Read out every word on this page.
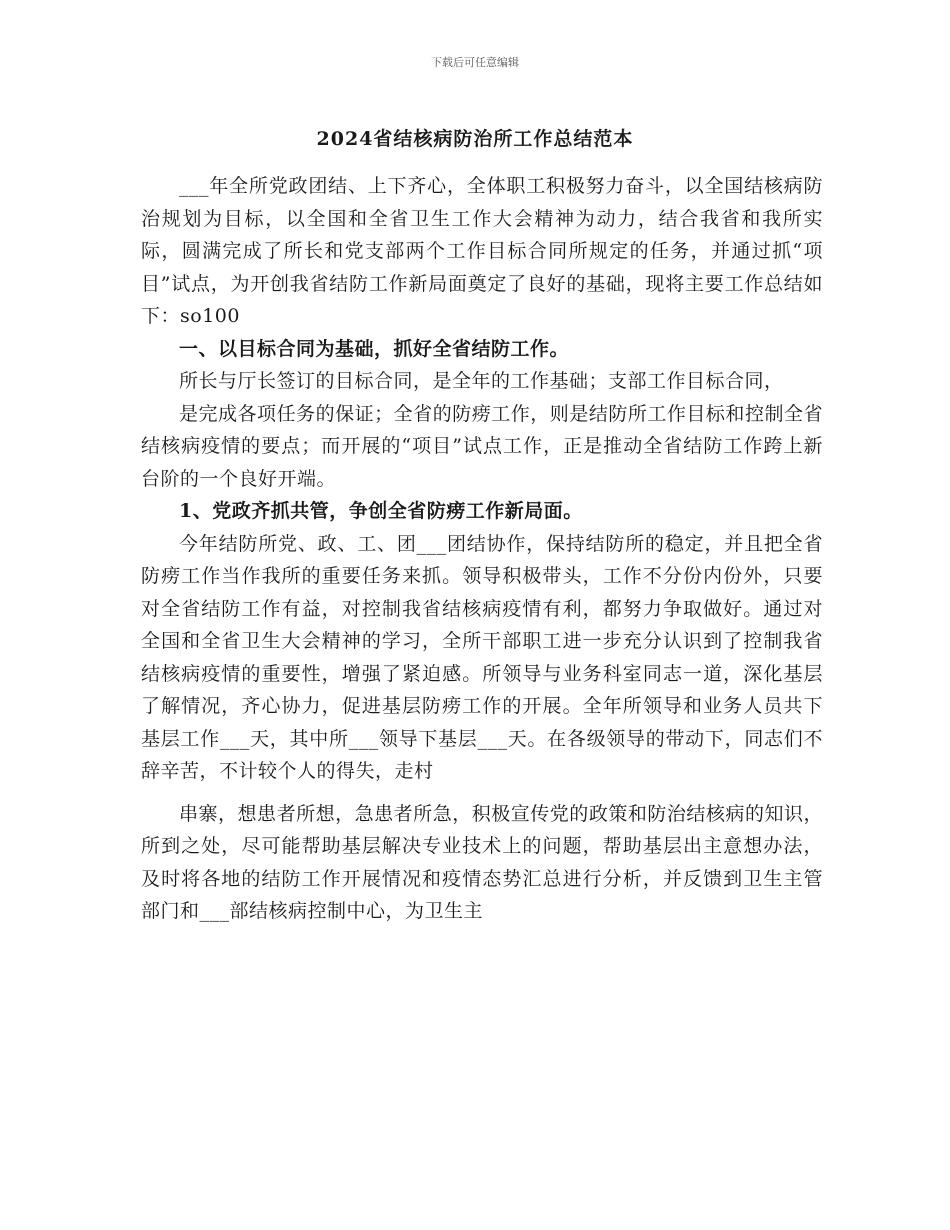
下载后可任意编辑
2024省结核病防治所工作总结范本

___年全所党政团结、上下齐心，全体职工积极努力奋斗，以全国结核病防治规划为目标，以全国和全省卫生工作大会精神为动力，结合我省和我所实际，圆满完成了所长和党支部两个工作目标合同所规定的任务，并通过抓“项目”试点，为开创我省结防工作新局面奠定了良好的基础，现将主要工作总结如下：so100

一、以目标合同为基础，抓好全省结防工作。

所长与厅长签订的目标合同，是全年的工作基础；支部工作目标合同，

是完成各项任务的保证；全省的防痨工作，则是结防所工作目标和控制全省结核病疫情的要点；而开展的“项目”试点工作，正是推动全省结防工作跨上新台阶的一个良好开端。

1、党政齐抓共管，争创全省防痨工作新局面。

今年结防所党、政、工、团___团结协作，保持结防所的稳定，并且把全省防痨工作当作我所的重要任务来抓。领导积极带头，工作不分份内份外，只要对全省结防工作有益，对控制我省结核病疫情有利，都努力争取做好。通过对全国和全省卫生大会精神的学习，全所干部职工进一步充分认识到了控制我省结核病疫情的重要性，增强了紧迫感。所领导与业务科室同志一道，深化基层了解情况，齐心协力，促进基层防痨工作的开展。全年所领导和业务人员共下基层工作___天，其中所___领导下基层___天。在各级领导的带动下，同志们不辞辛苦，不计较个人的得失，走村

串寨，想患者所想，急患者所急，积极宣传党的政策和防治结核病的知识，所到之处，尽可能帮助基层解决专业技术上的问题，帮助基层出主意想办法，及时将各地的结防工作开展情况和疫情态势汇总进行分析，并反馈到卫生主管部门和___部结核病控制中心，为卫生主
